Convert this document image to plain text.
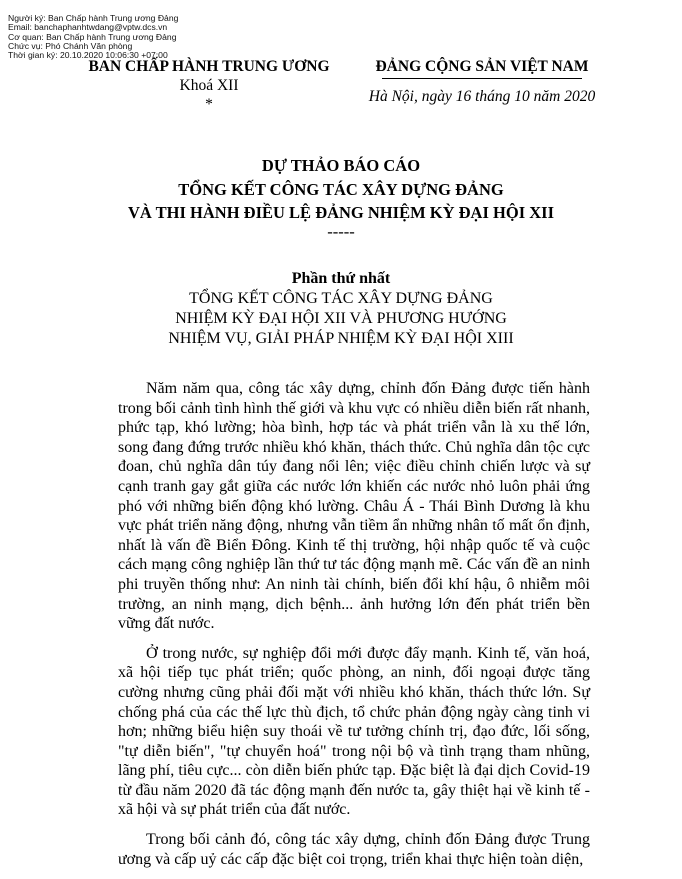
Người ký: Ban Chấp hành Trung ương Đảng
Email: banchaphanhtwdang@vptw.dcs.vn
Cơ quan: Ban Chấp hành Trung ương Đảng
Chức vụ: Phó Chánh Văn phòng
Thời gian ký: 20.10.2020 10:06:30 +07:00
BAN CHẤP HÀNH TRUNG ƯƠNG
Khoá XII
*
ĐẢNG CỘNG SẢN VIỆT NAM
Hà Nội, ngày 16 tháng 10 năm 2020
DỰ THẢO BÁO CÁO
TỔNG KẾT CÔNG TÁC XÂY DỰNG ĐẢNG
VÀ THI HÀNH ĐIỀU LỆ ĐẢNG NHIỆM KỲ ĐẠI HỘI XII
-----
Phần thứ nhất
TỔNG KẾT CÔNG TÁC XÂY DỰNG ĐẢNG
NHIỆM KỲ ĐẠI HỘI XII VÀ PHƯƠNG HƯỚNG
NHIỆM VỤ, GIẢI PHÁP NHIỆM KỲ ĐẠI HỘI XIII

Năm năm qua, công tác xây dựng, chỉnh đốn Đảng được tiến hành trong bối cảnh tình hình thế giới và khu vực có nhiều diễn biến rất nhanh, phức tạp, khó lường; hòa bình, hợp tác và phát triển vẫn là xu thế lớn, song đang đứng trước nhiều khó khăn, thách thức. Chủ nghĩa dân tộc cực đoan, chủ nghĩa dân túy đang nổi lên; việc điều chỉnh chiến lược và sự cạnh tranh gay gắt giữa các nước lớn khiến các nước nhỏ luôn phải ứng phó với những biến động khó lường. Châu Á - Thái Bình Dương là khu vực phát triển năng động, nhưng vẫn tiềm ẩn những nhân tố mất ổn định, nhất là vấn đề Biển Đông. Kinh tế thị trường, hội nhập quốc tế và cuộc cách mạng công nghiệp lần thứ tư tác động mạnh mẽ. Các vấn đề an ninh phi truyền thống như: An ninh tài chính, biến đổi khí hậu, ô nhiễm môi trường, an ninh mạng, dịch bệnh... ảnh hưởng lớn đến phát triển bền vững đất nước.

Ở trong nước, sự nghiệp đổi mới được đẩy mạnh. Kinh tế, văn hoá, xã hội tiếp tục phát triển; quốc phòng, an ninh, đối ngoại được tăng cường nhưng cũng phải đối mặt với nhiều khó khăn, thách thức lớn. Sự chống phá của các thế lực thù địch, tổ chức phản động ngày càng tinh vi hơn; những biểu hiện suy thoái về tư tưởng chính trị, đạo đức, lối sống, "tự diễn biến", "tự chuyển hoá" trong nội bộ và tình trạng tham nhũng, lãng phí, tiêu cực... còn diễn biến phức tạp. Đặc biệt là đại dịch Covid-19 từ đầu năm 2020 đã tác động mạnh đến nước ta, gây thiệt hại về kinh tế - xã hội và sự phát triển của đất nước.

Trong bối cảnh đó, công tác xây dựng, chỉnh đốn Đảng được Trung ương và cấp uỷ các cấp đặc biệt coi trọng, triển khai thực hiện toàn diện,
